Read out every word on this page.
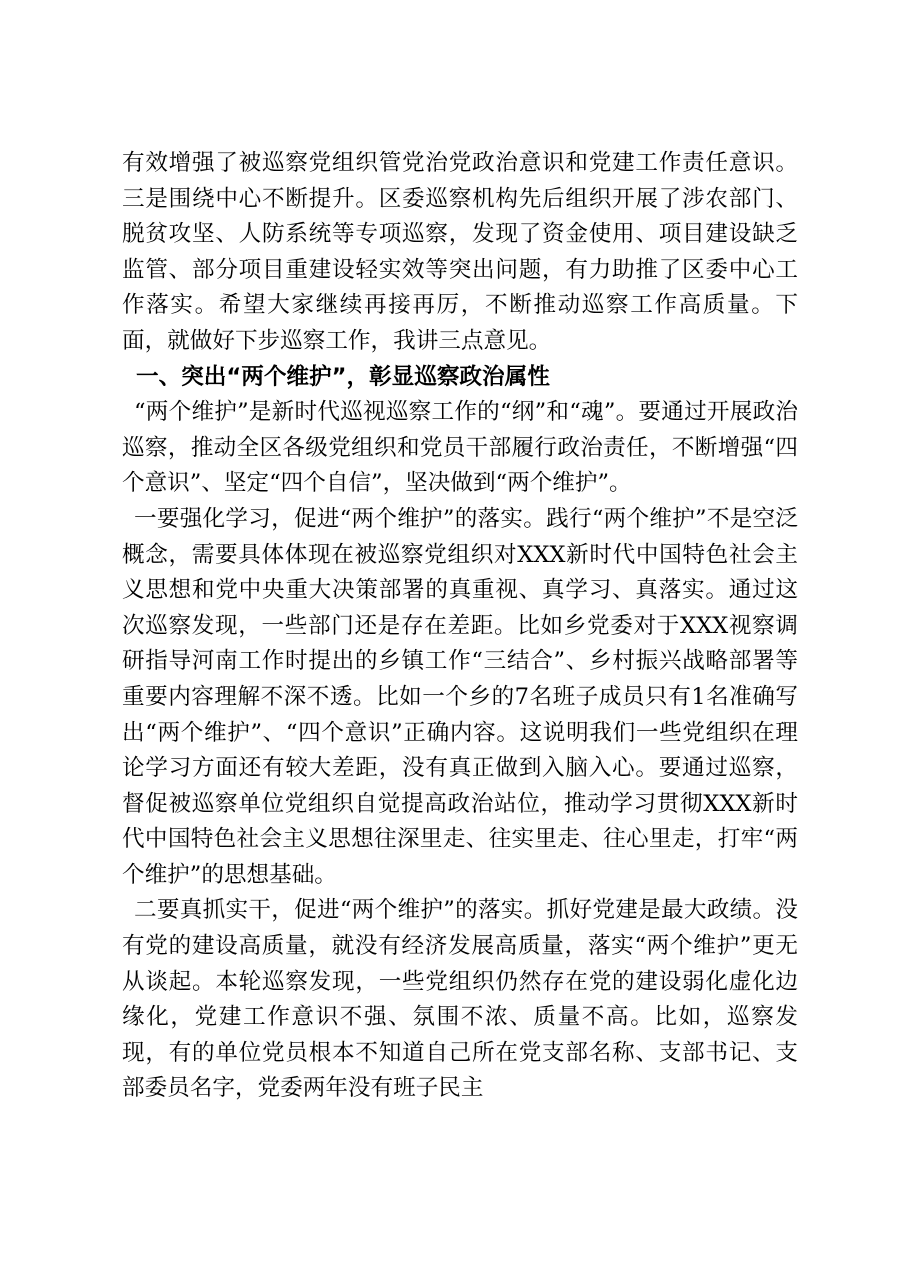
有效增强了被巡察党组织管党治党政治意识和党建工作责任意识。三是围绕中心不断提升。区委巡察机构先后组织开展了涉农部门、脱贫攻坚、人防系统等专项巡察，发现了资金使用、项目建设缺乏监管、部分项目重建设轻实效等突出问题，有力助推了区委中心工作落实。希望大家继续再接再厉，不断推动巡察工作高质量。下面，就做好下步巡察工作，我讲三点意见。

一、突出“两个维护”，彰显巡察政治属性

“两个维护”是新时代巡视巡察工作的“纲”和“魂”。要通过开展政治巡察，推动全区各级党组织和党员干部履行政治责任，不断增强“四个意识”、坚定“四个自信”，坚决做到“两个维护”。

一要强化学习，促进“两个维护”的落实。践行“两个维护”不是空泛概念，需要具体体现在被巡察党组织对XXX新时代中国特色社会主义思想和党中央重大决策部署的真重视、真学习、真落实。通过这次巡察发现，一些部门还是存在差距。比如乡党委对于XXX视察调研指导河南工作时提出的乡镇工作“三结合”、乡村振兴战略部署等重要内容理解不深不透。比如一个乡的7名班子成员只有1名准确写出“两个维护”、“四个意识”正确内容。这说明我们一些党组织在理论学习方面还有较大差距，没有真正做到入脑入心。要通过巡察，督促被巡察单位党组织自觉提高政治站位，推动学习贯彻XXX新时代中国特色社会主义思想往深里走、往实里走、往心里走，打牢“两个维护”的思想基础。

二要真抓实干，促进“两个维护”的落实。抓好党建是最大政绩。没有党的建设高质量，就没有经济发展高质量，落实“两个维护”更无从谈起。本轮巡察发现，一些党组织仍然存在党的建设弱化虚化边缘化，党建工作意识不强、氛围不浓、质量不高。比如，巡察发现，有的单位党员根本不知道自己所在党支部名称、支部书记、支部委员名字，党委两年没有班子民主
